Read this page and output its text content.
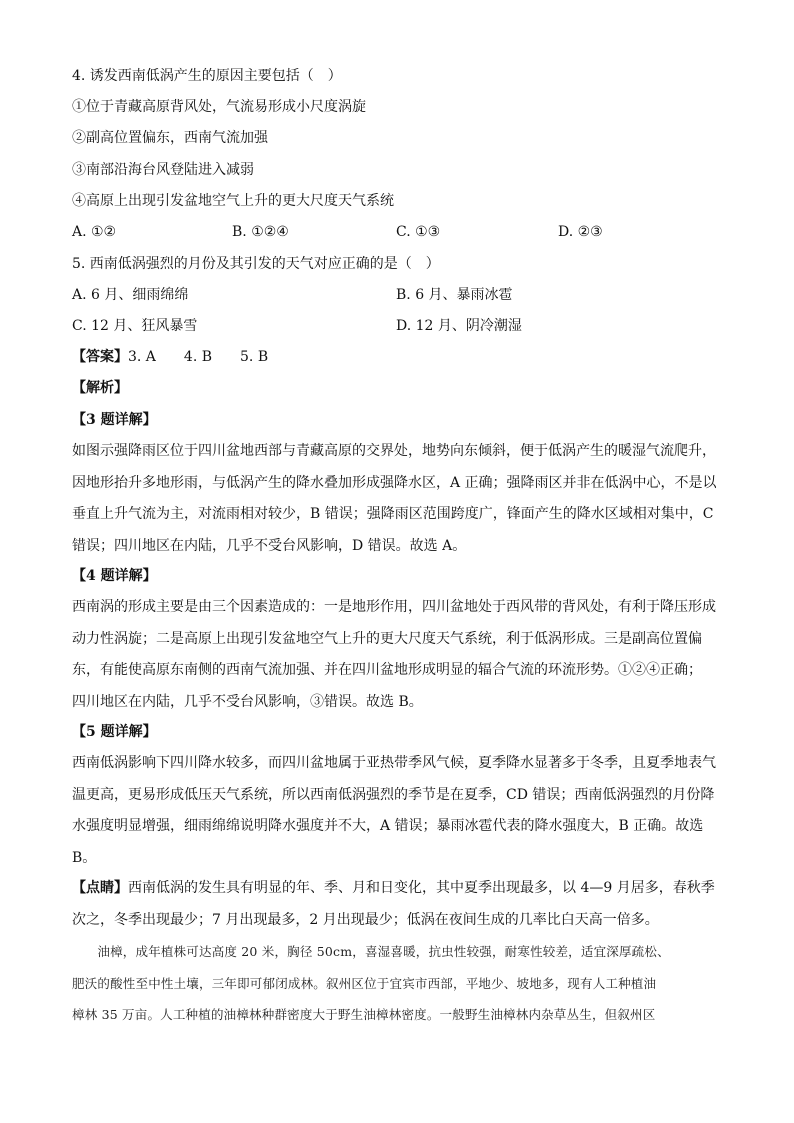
4. 诱发西南低涡产生的原因主要包括（　）
①位于青藏高原背风处，气流易形成小尺度涡旋
②副高位置偏东，西南气流加强
③南部沿海台风登陆进入减弱
④高原上出现引发盆地空气上升的更大尺度天气系统
A. ①②	B. ①②④	C. ①③	D. ②③
5. 西南低涡强烈的月份及其引发的天气对应正确的是（　）
A. 6 月、细雨绵绵	B. 6 月、暴雨冰雹
C. 12 月、狂风暴雪	D. 12 月、阴冷潮湿
【答案】3. A　　4. B　　5. B
【解析】
【3 题详解】
如图示强降雨区位于四川盆地西部与青藏高原的交界处，地势向东倾斜，便于低涡产生的暖湿气流爬升，
因地形抬升多地形雨，与低涡产生的降水叠加形成强降水区，A 正确；强降雨区并非在低涡中心，不是以
垂直上升气流为主，对流雨相对较少，B 错误；强降雨区范围跨度广，锋面产生的降水区域相对集中，C
错误；四川地区在内陆，几乎不受台风影响，D 错误。故选 A。
【4 题详解】
西南涡的形成主要是由三个因素造成的：一是地形作用，四川盆地处于西风带的背风处，有利于降压形成
动力性涡旋；二是高原上出现引发盆地空气上升的更大尺度天气系统，利于低涡形成。三是副高位置偏
东，有能使高原东南侧的西南气流加强、并在四川盆地形成明显的辐合气流的环流形势。①②④正确；
四川地区在内陆，几乎不受台风影响，③错误。故选 B。
【5 题详解】
西南低涡影响下四川降水较多，而四川盆地属于亚热带季风气候，夏季降水显著多于冬季，且夏季地表气
温更高，更易形成低压天气系统，所以西南低涡强烈的季节是在夏季，CD 错误；西南低涡强烈的月份降
水强度明显增强，细雨绵绵说明降水强度并不大，A 错误；暴雨冰雹代表的降水强度大，B 正确。故选
B。
【点睛】西南低涡的发生具有明显的年、季、月和日变化，其中夏季出现最多，以 4—9 月居多，春秋季
次之，冬季出现最少；7 月出现最多，2 月出现最少；低涡在夜间生成的几率比白天高一倍多。
　　油樟，成年植株可达高度 20 米，胸径 50cm，喜湿喜暖，抗虫性较强，耐寒性较差，适宜深厚疏松、
肥沃的酸性至中性土壤，三年即可郁闭成林。叙州区位于宜宾市西部，平地少、坡地多，现有人工种植油
樟林 35 万亩。人工种植的油樟林种群密度大于野生油樟林密度。一般野生油樟林内杂草丛生，但叙州区
